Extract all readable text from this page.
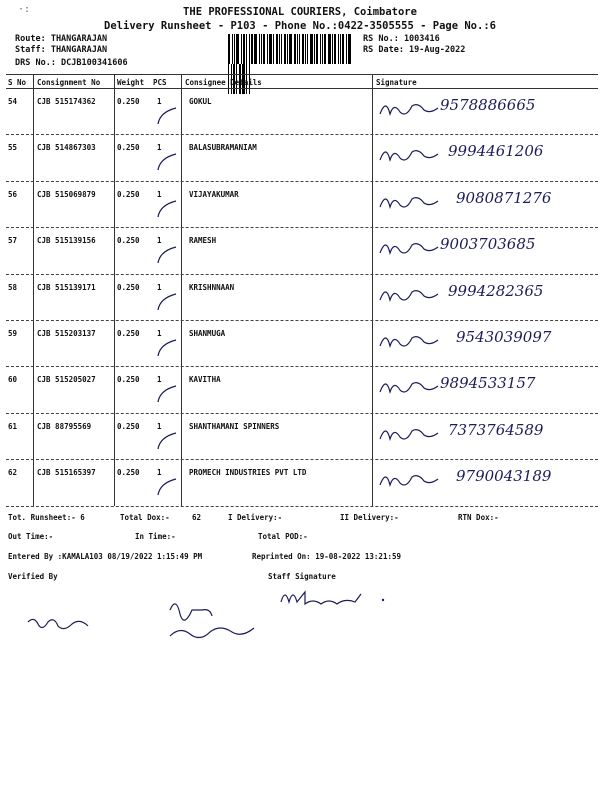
·:	THE PROFESSIONAL COURIERS, Coimbatore
Delivery Runsheet - P103 - Phone No.:0422-3505555 - Page No.:6
Route: THANGARAJAN
Staff: THANGARAJAN
DRS No.: DCJB100341606
RS No.: 1003416
RS Date: 19-Aug-2022
S No Consignment No Weight PCS Consignee Details	Signature
54	CJB 515174362	0.250 1	GOKUL	9578886665
55	CJB 514867303	0.250 1	BALASUBRAMANIAM	9994461206
56	CJB 515069879	0.250 1	VIJAYAKUMAR	9080871276
57	CJB 515139156	0.250 1	RAMESH	9003703685
58	CJB 515139171	0.250 1	KRISHNNAAN	9994282365
59	CJB 515203137	0.250 1	SHANMUGA	9543039097
60	CJB 515205027	0.250 1	KAVITHA	9894533157
61	CJB 88795569	0.250 1	SHANTHAMANI SPINNERS	7373764589
62	CJB 515165397	0.250 1	PROMECH INDUSTRIES PVT LTD	9790043189
Tot. Runsheet:- 6	Total Dox:-	62	I Delivery:-	II Delivery:-	RTN Dox:-
Out Time:-	In Time:-	Total POD:-
Entered By :KAMALA103 08/19/2022 1:15:49 PM	Reprinted On: 19-08-2022 13:21:59
Verified By	Staff Signature
